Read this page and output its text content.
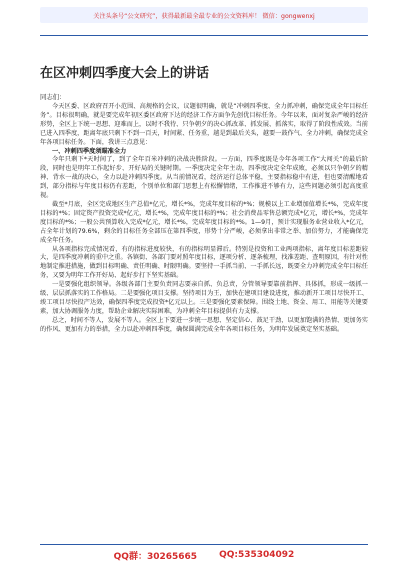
关注头条号“公文研究”，获得最新最全最专业的公文资料库！ 微信：gongwenxj
在区冲刺四季度大会上的讲话
同志们：

今天区委、区政府召开小范围、高规格的会议，议题很明确，就是“冲刺四季度、全力抓冲刺，确保完成全年目标任务”。目标很明确，就是要完成年初区委区政府下达的经济工作方面争先创优目标任务。今年以来，面对复杂严峻的经济形势，全区上下统一思想、迎难而上，以时不我待、只争朝夕的决心抓改革、抓发展、抓落实，取得了阶段性成效。当前已进入四季度，距离年底只剩下不到一百天，时间紧、任务重，越是到最后关头，越要一鼓作气、全力冲刺，确保完成全年各项目标任务。下面，我讲三点意见：

一、冲刺四季度须瞄准全力

今年只剩下*天时间了，到了全年百米冲刺的决战决胜阶段。一方面，四季度既是今年各项工作“大闯关”的最后阶段，同时也是明年工作起好步、开好局的关键时期。一季度决定全年主动，四季度决定全年成败，必须以只争朝夕的精神、背水一战的决心，全力以赴冲刺四季度。从当前情况看，经济运行总体平稳，主要指标稳中有进，但也要清醒地看到，部分指标与年度目标仍有差距，个别单位和部门思想上有松懈情绪，工作推进不够有力，这些问题必须引起高度重视。

截至*月底，全区完成地区生产总值*亿元，增长*%，完成年度目标的*%；规模以上工业增加值增长*%，完成年度目标的*%；固定资产投资完成*亿元，增长*%，完成年度目标的*%；社会消费品零售总额完成*亿元，增长*%，完成年度目标的*%；一般公共预算收入完成*亿元，增长*%，完成年度目标的*%。1—9月，预计实现服务业营业收入*亿元，占全年计划的79.6%，剩余的目标任务全部压在第四季度，形势十分严峻，必须拿出非常之举、加倍努力，才能确保完成全年任务。

从各项指标完成情况看，有的指标进度较快，有的指标明显滞后。特别是投资和工业两项指标，离年度目标差距较大，是四季度冲刺的重中之重。各镇街、各部门要对照年度目标，逐项分析、逐条梳理，找准差距、查明原因，有针对性地制定推进措施，做到目标明确、责任明确、时限明确。要坚持一手抓当前、一手抓长远，既要全力冲刺完成全年目标任务，又要为明年工作开好局、起好步打下坚实基础。

一是要强化组织领导。各级各部门主要负责同志要亲自抓、负总责，分管领导要靠前指挥、具体抓，形成一级抓一级、层层抓落实的工作格局。二是要强化项目支撑。坚持项目为王，加快在建项目建设进度，推动新开工项目尽快开工、竣工项目尽快投产达效，确保四季度完成投资*亿元以上。三是要强化要素保障。围绕土地、资金、用工、用能等关键要素，加大协调服务力度，帮助企业解决实际困难，为冲刺全年目标提供有力支撑。

总之，时间不等人，发展不等人。全区上下要进一步统一思想、坚定信心、鼓足干劲，以更加饱满的热情、更加务实的作风、更加有力的举措，全力以赴冲刺四季度，确保圆满完成全年各项目标任务，为明年发展奠定坚实基础。

QQ群：30265665 QQ:535304092
